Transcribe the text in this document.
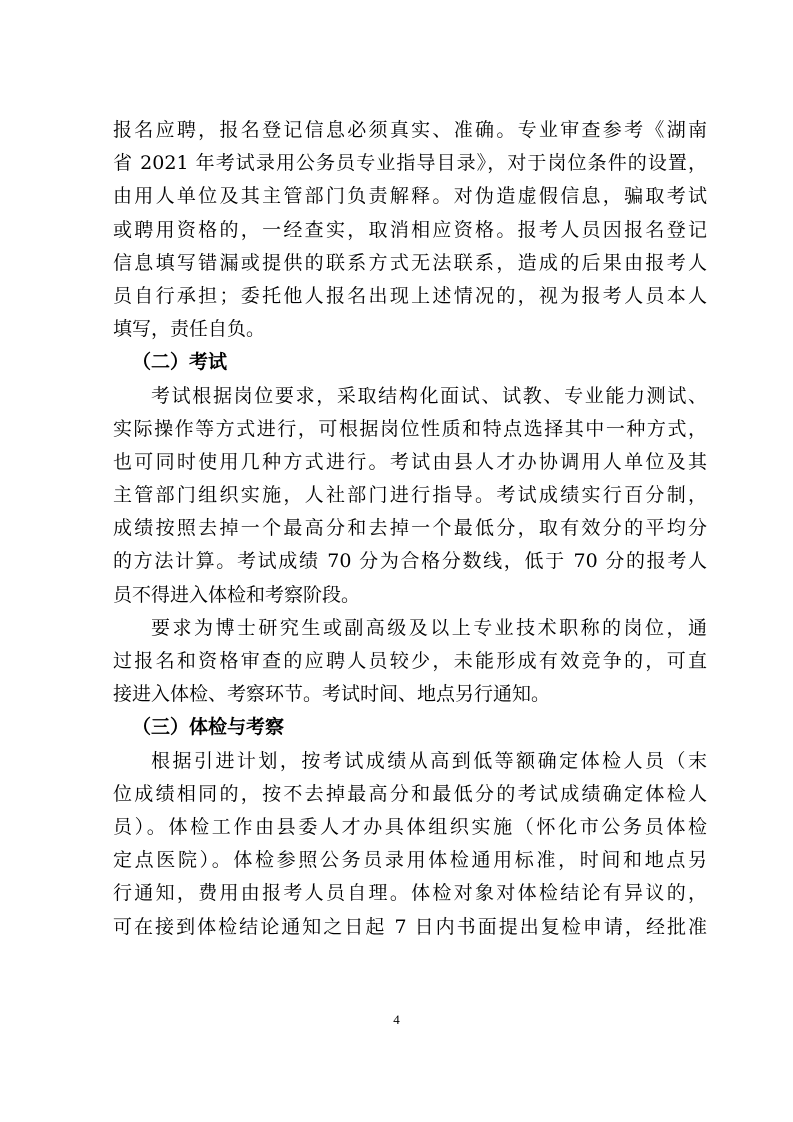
报名应聘，报名登记信息必须真实、准确。专业审查参考《湖南
省 2021 年考试录用公务员专业指导目录》，对于岗位条件的设置，
由用人单位及其主管部门负责解释。对伪造虚假信息，骗取考试
或聘用资格的，一经查实，取消相应资格。报考人员因报名登记
信息填写错漏或提供的联系方式无法联系，造成的后果由报考人
员自行承担；委托他人报名出现上述情况的，视为报考人员本人
填写，责任自负。
（二）考试
考试根据岗位要求，采取结构化面试、试教、专业能力测试、
实际操作等方式进行，可根据岗位性质和特点选择其中一种方式，
也可同时使用几种方式进行。考试由县人才办协调用人单位及其
主管部门组织实施，人社部门进行指导。考试成绩实行百分制，
成绩按照去掉一个最高分和去掉一个最低分，取有效分的平均分
的方法计算。考试成绩 70 分为合格分数线，低于 70 分的报考人
员不得进入体检和考察阶段。
要求为博士研究生或副高级及以上专业技术职称的岗位，通
过报名和资格审查的应聘人员较少，未能形成有效竞争的，可直
接进入体检、考察环节。考试时间、地点另行通知。
（三）体检与考察
根据引进计划，按考试成绩从高到低等额确定体检人员（末
位成绩相同的，按不去掉最高分和最低分的考试成绩确定体检人
员）。体检工作由县委人才办具体组织实施（怀化市公务员体检
定点医院）。体检参照公务员录用体检通用标准，时间和地点另
行通知，费用由报考人员自理。体检对象对体检结论有异议的，
可在接到体检结论通知之日起 7 日内书面提出复检申请，经批准
4
